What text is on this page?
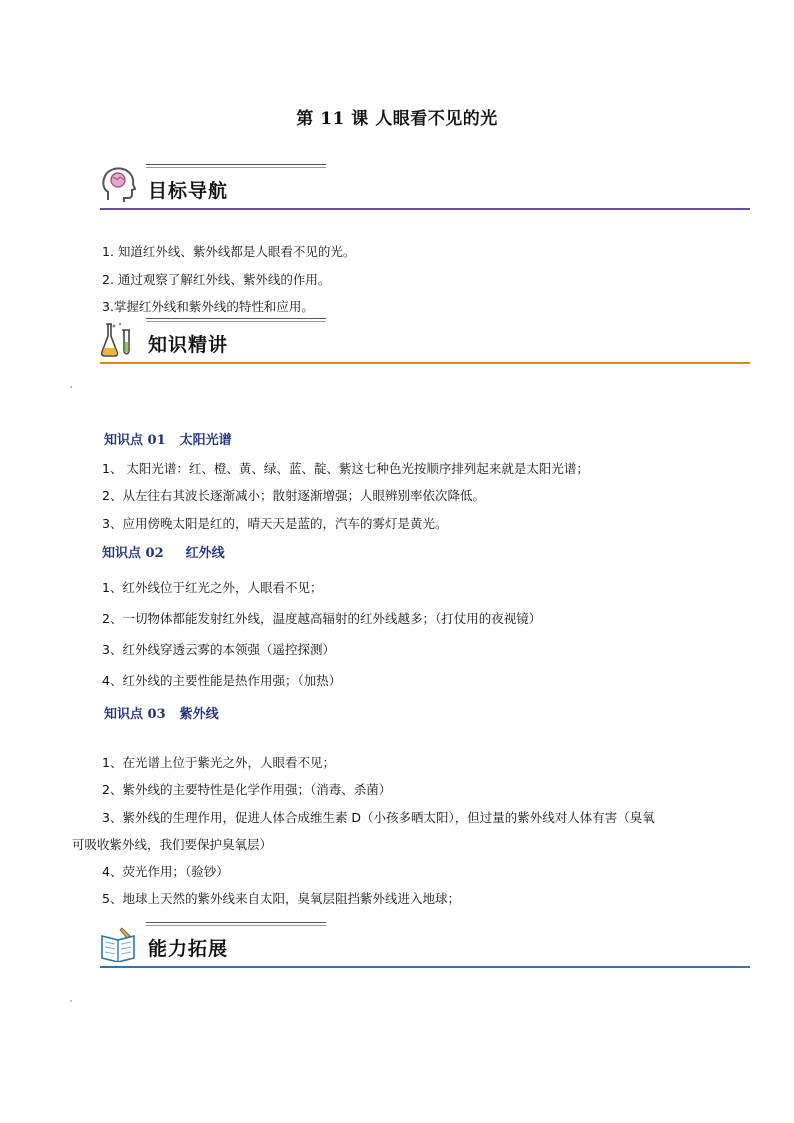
第 11 课 人眼看不见的光
目标导航
1. 知道红外线、紫外线都是人眼看不见的光。
2. 通过观察了解红外线、紫外线的作用。
3.掌握红外线和紫外线的特性和应用。
知识精讲
知识点 01 太阳光谱
1、 太阳光谱：红、橙、黄、绿、蓝、靛、紫这七种色光按顺序排列起来就是太阳光谱；
2、从左往右其波长逐渐减小；散射逐渐增强；人眼辨别率依次降低。
3、应用傍晚太阳是红的，晴天天是蓝的，汽车的雾灯是黄光。
知识点 02 红外线
1、红外线位于红光之外，人眼看不见；
2、一切物体都能发射红外线，温度越高辐射的红外线越多；（打仗用的夜视镜）
3、红外线穿透云雾的本领强（遥控探测）
4、红外线的主要性能是热作用强；（加热）
知识点 03 紫外线
1、在光谱上位于紫光之外，人眼看不见；
2、紫外线的主要特性是化学作用强；（消毒、杀菌）
3、紫外线的生理作用，促进人体合成维生素 D（小孩多晒太阳），但过量的紫外线对人体有害（臭氧
可吸收紫外线，我们要保护臭氧层）
4、荧光作用；（验钞）
5、地球上天然的紫外线来自太阳，臭氧层阻挡紫外线进入地球；
能力拓展
